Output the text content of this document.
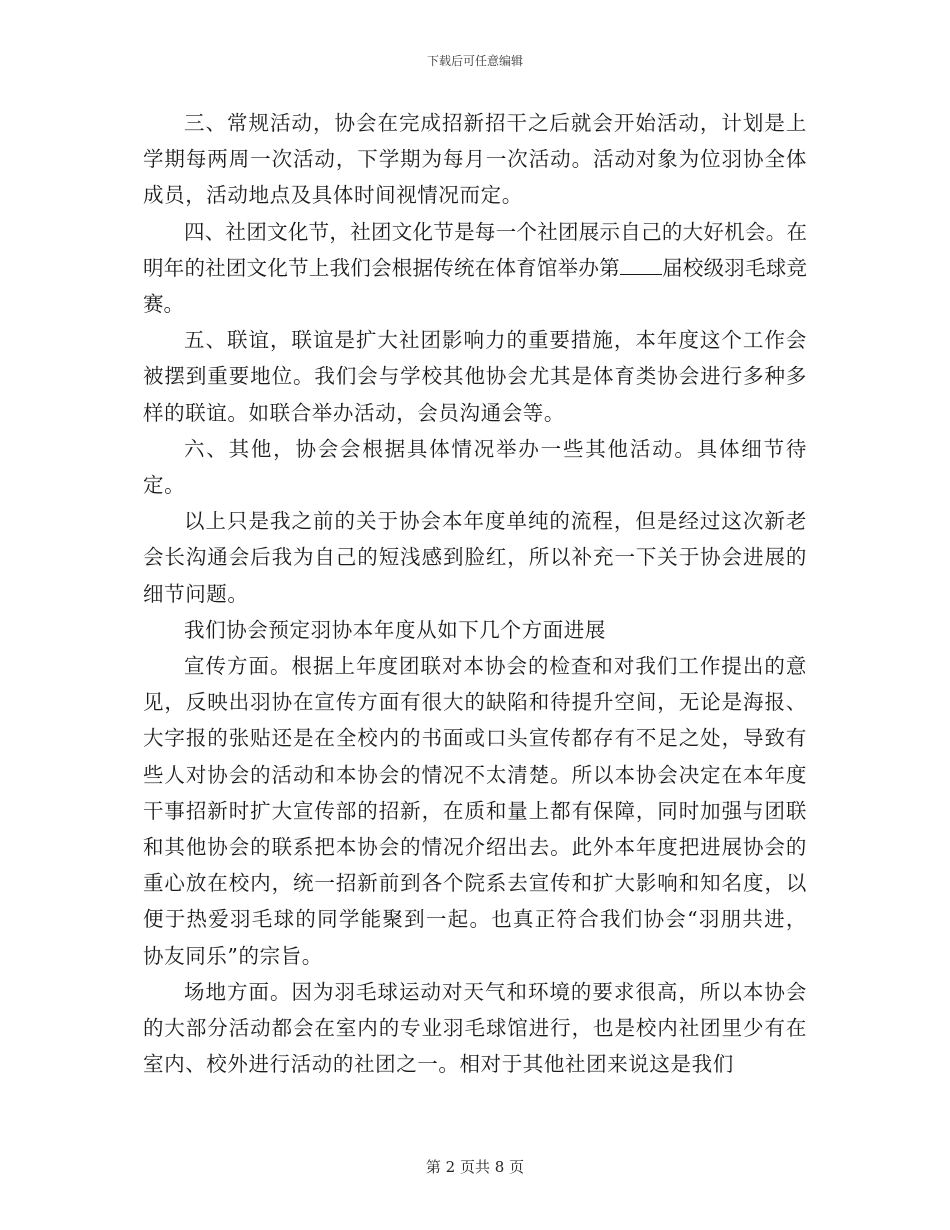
下载后可任意编辑

三、常规活动，协会在完成招新招干之后就会开始活动，计划是上学期每两周一次活动，下学期为每月一次活动。活动对象为位羽协全体成员，活动地点及具体时间视情况而定。

四、社团文化节，社团文化节是每一个社团展示自己的大好机会。在明年的社团文化节上我们会根据传统在体育馆举办第 届校级羽毛球竞赛。

五、联谊，联谊是扩大社团影响力的重要措施，本年度这个工作会被摆到重要地位。我们会与学校其他协会尤其是体育类协会进行多种多样的联谊。如联合举办活动，会员沟通会等。

六、其他，协会会根据具体情况举办一些其他活动。具体细节待定。

以上只是我之前的关于协会本年度单纯的流程，但是经过这次新老会长沟通会后我为自己的短浅感到脸红，所以补充一下关于协会进展的细节问题。

我们协会预定羽协本年度从如下几个方面进展

宣传方面。根据上年度团联对本协会的检查和对我们工作提出的意见，反映出羽协在宣传方面有很大的缺陷和待提升空间，无论是海报、大字报的张贴还是在全校内的书面或口头宣传都存有不足之处，导致有些人对协会的活动和本协会的情况不太清楚。所以本协会决定在本年度干事招新时扩大宣传部的招新，在质和量上都有保障，同时加强与团联和其他协会的联系把本协会的情况介绍出去。此外本年度把进展协会的重心放在校内，统一招新前到各个院系去宣传和扩大影响和知名度，以便于热爱羽毛球的同学能聚到一起。也真正符合我们协会“羽朋共进，协友同乐”的宗旨。

场地方面。因为羽毛球运动对天气和环境的要求很高，所以本协会的大部分活动都会在室内的专业羽毛球馆进行，也是校内社团里少有在室内、校外进行活动的社团之一。相对于其他社团来说这是我们

第 2 页共 8 页
